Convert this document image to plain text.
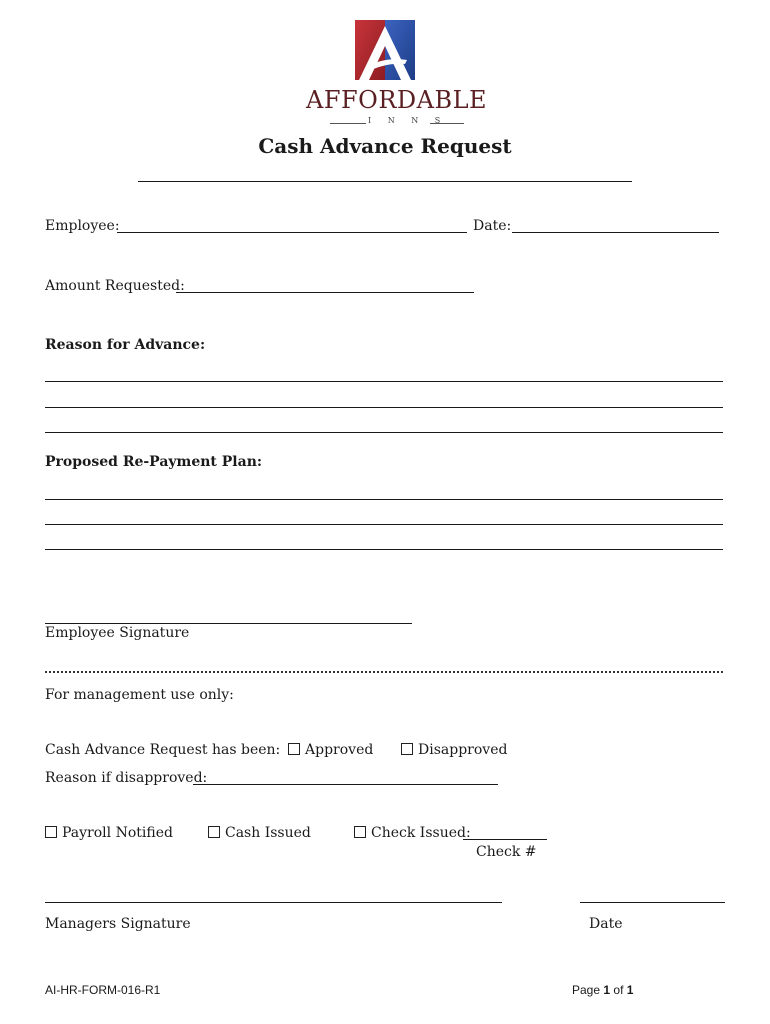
AFFORDABLE
I N N S
Cash Advance Request
Employee:	Date:
Amount Requested:
Reason for Advance:
Proposed Re-Payment Plan:
Employee Signature
For management use only:
Cash Advance Request has been:	Approved	Disapproved
Reason if disapproved:
Payroll Notified	Cash Issued	Check Issued:
Check #
Managers Signature	Date
AI-HR-FORM-016-R1	Page 1 of 1
